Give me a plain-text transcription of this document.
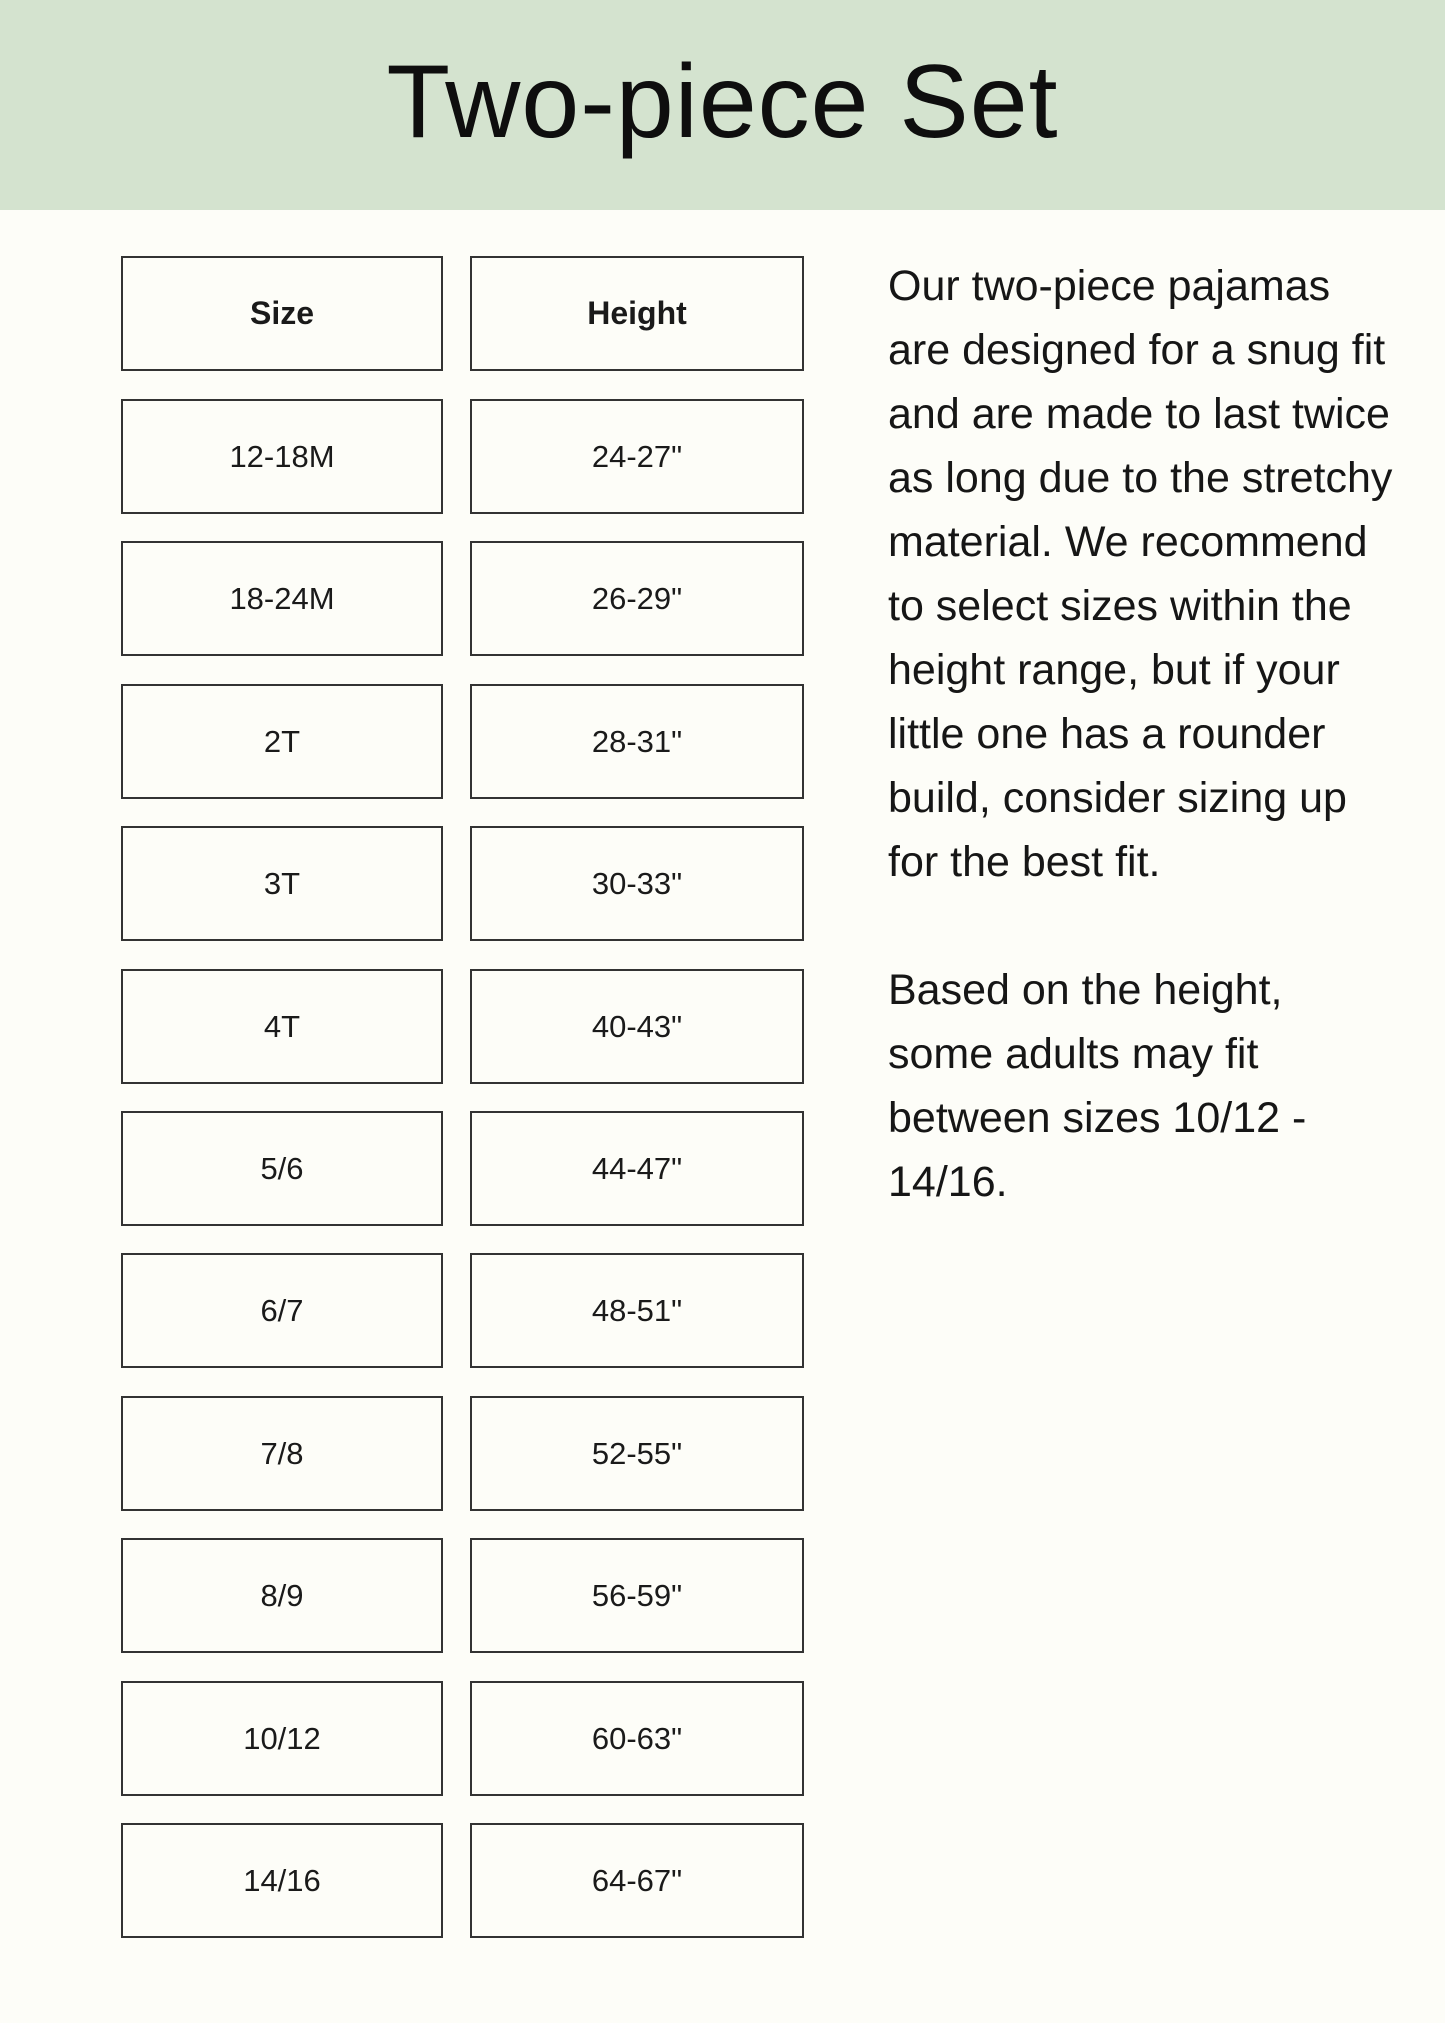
Two-piece Set
Size	Height
12-18M	24-27"
18-24M	26-29"
2T	28-31"
3T	30-33"
4T	40-43"
5/6	44-47"
6/7	48-51"
7/8	52-55"
8/9	56-59"
10/12	60-63"
14/16	64-67"

Our two-piece pajamas are designed for a snug fit and are made to last twice as long due to the stretchy material. We recommend to select sizes within the height range, but if your little one has a rounder build, consider sizing up for the best fit.

Based on the height, some adults may fit between sizes 10/12 - 14/16.
